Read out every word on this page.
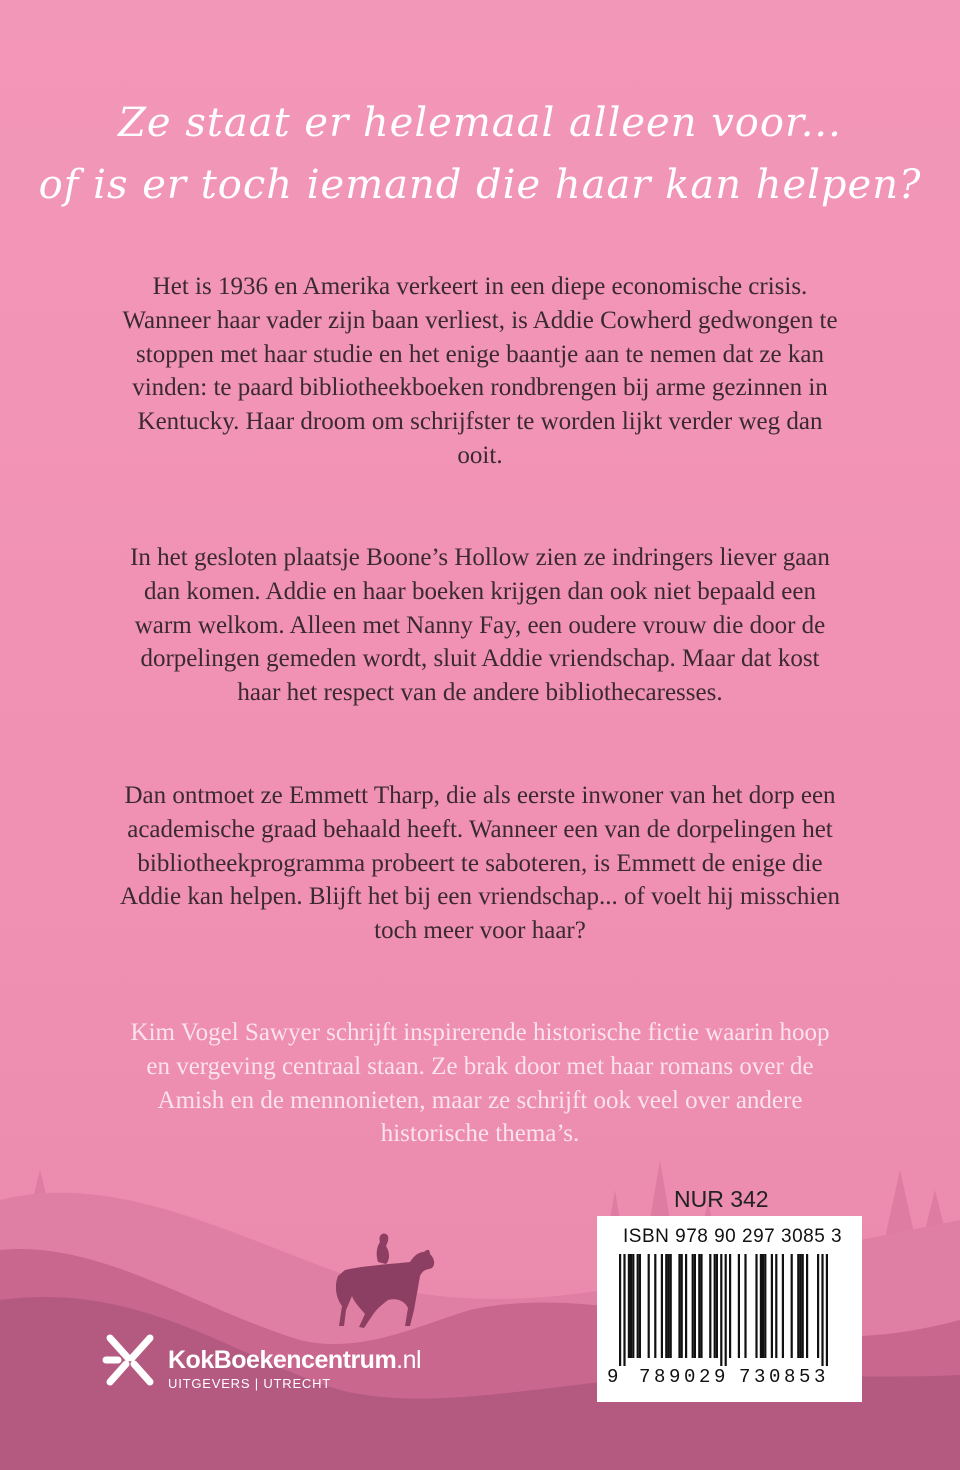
Ze staat er helemaal alleen voor...
of is er toch iemand die haar kan helpen?

Het is 1936 en Amerika verkeert in een diepe economische crisis. Wanneer haar vader zijn baan verliest, is Addie Cowherd gedwongen te stoppen met haar studie en het enige baantje aan te nemen dat ze kan vinden: te paard bibliotheekboeken rondbrengen bij arme gezinnen in Kentucky. Haar droom om schrijfster te worden lijkt verder weg dan ooit.

In het gesloten plaatsje Boone’s Hollow zien ze indringers liever gaan dan komen. Addie en haar boeken krijgen dan ook niet bepaald een warm welkom. Alleen met Nanny Fay, een oudere vrouw die door de dorpelingen gemeden wordt, sluit Addie vriendschap. Maar dat kost haar het respect van de andere bibliothecaresses.

Dan ontmoet ze Emmett Tharp, die als eerste inwoner van het dorp een academische graad behaald heeft. Wanneer een van de dorpelingen het bibliotheekprogramma probeert te saboteren, is Emmett de enige die Addie kan helpen. Blijft het bij een vriendschap... of voelt hij misschien toch meer voor haar?

Kim Vogel Sawyer schrijft inspirerende historische fictie waarin hoop en vergeving centraal staan. Ze brak door met haar romans over de Amish en de mennonieten, maar ze schrijft ook veel over andere historische thema’s.

NUR 342
ISBN 978 90 297 3085 3
9 789029 730853
KokBoekencentrum.nl
UITGEVERS | UTRECHT
